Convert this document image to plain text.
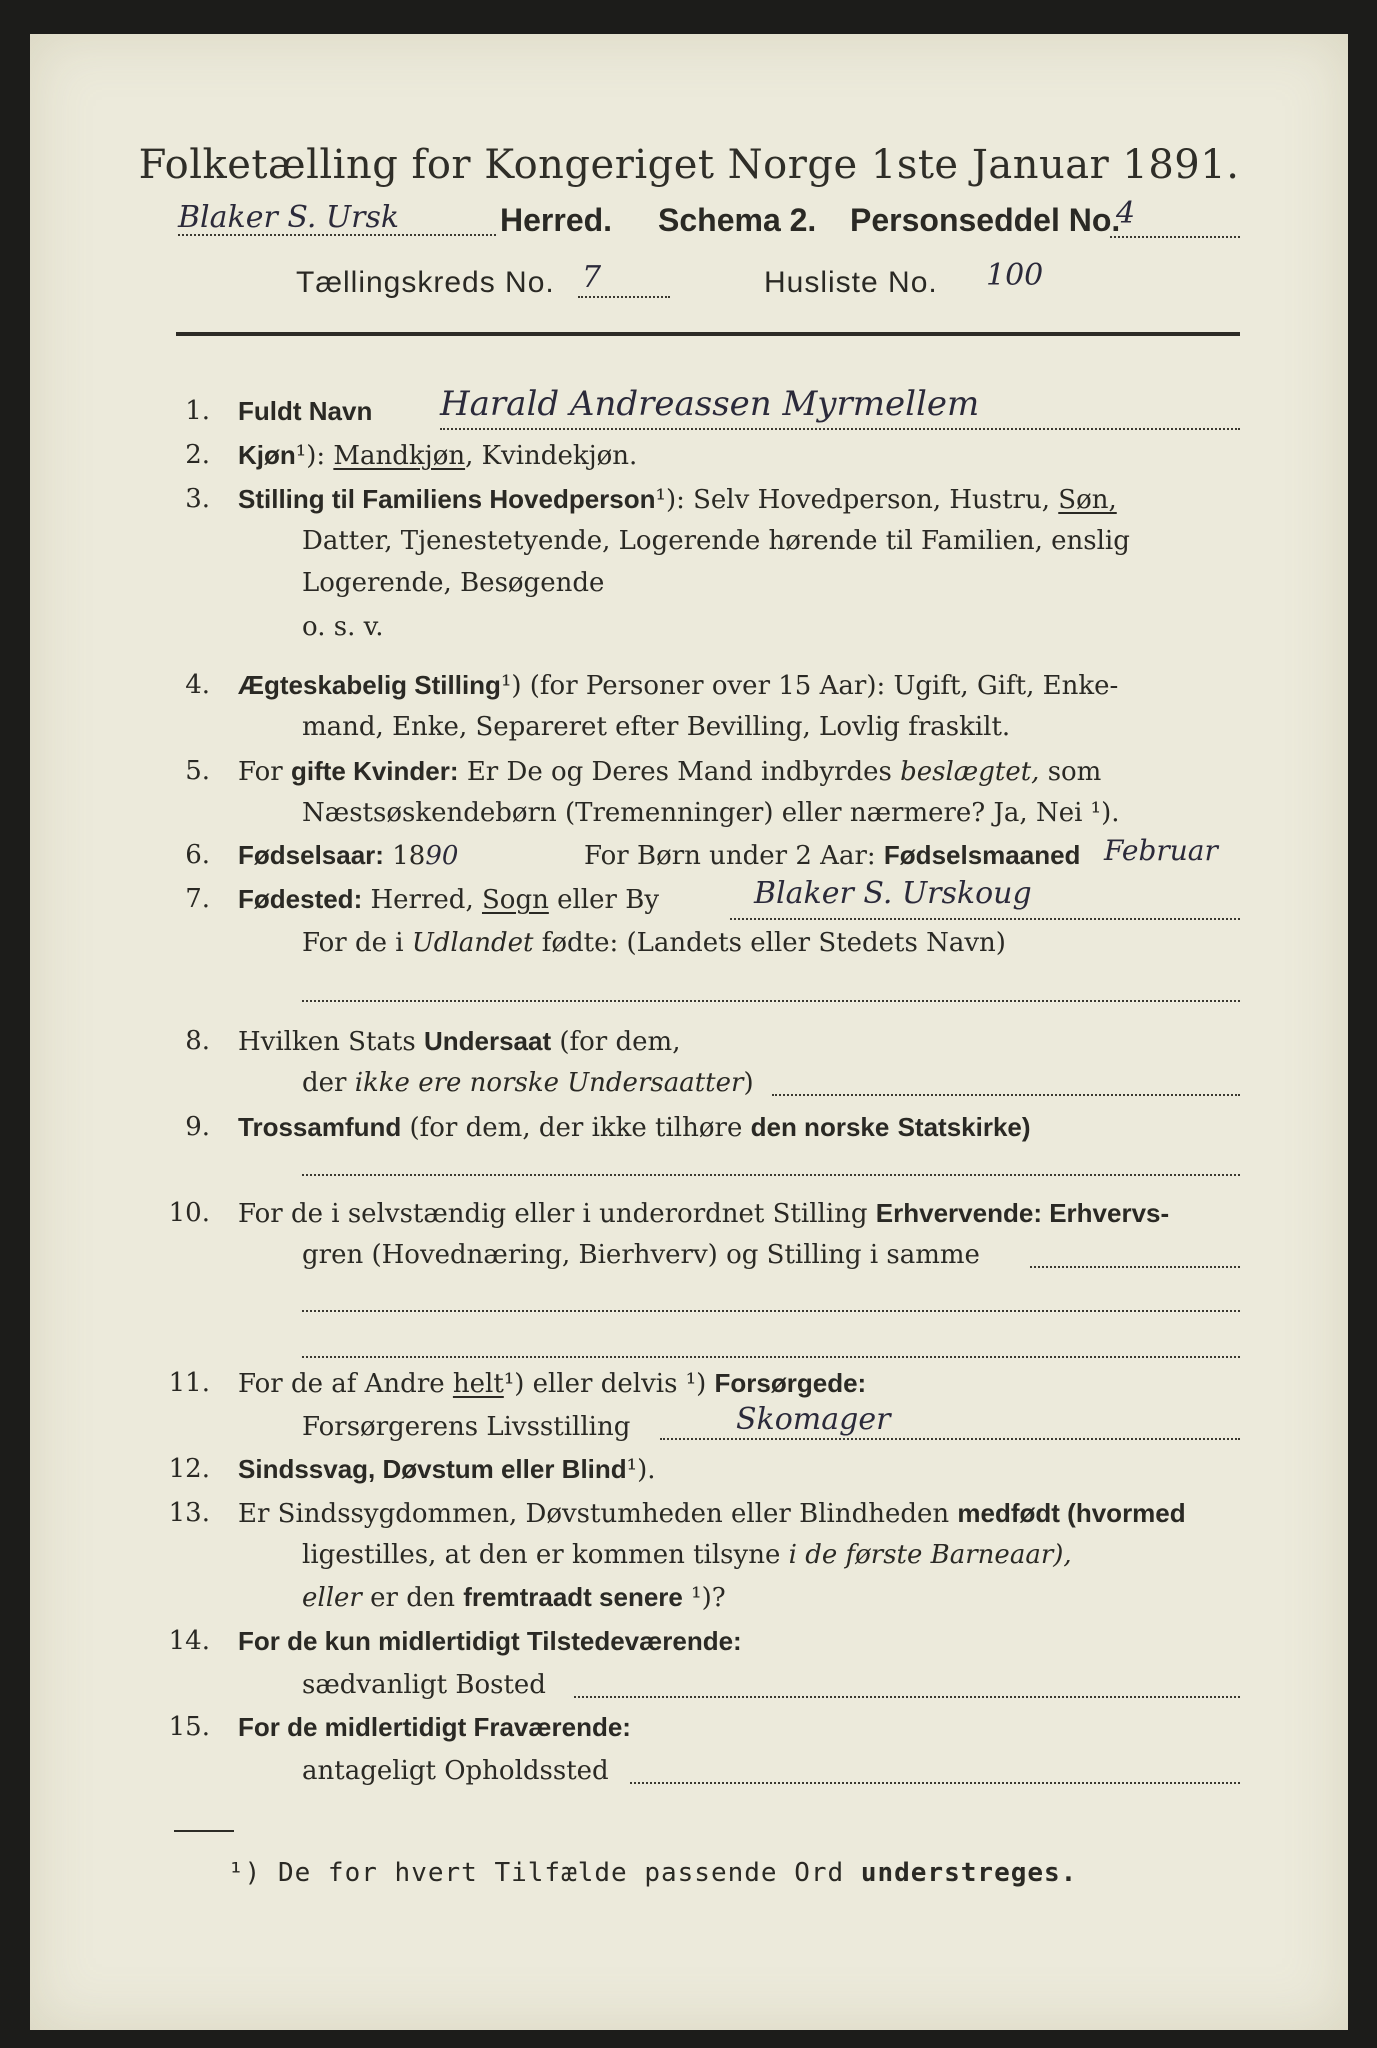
Folketælling for Kongeriget Norge 1ste Januar 1891.
Blaker S. Ursk	Herred. Schema 2. Personseddel No.
4
Tællingskreds No. 7	Husliste No. 100
1. Fuldt Navn Harald Andreassen Myrmellem
2. Kjøn¹): Mandkjøn, Kvindekjøn.
3. Stilling til Familiens Hovedperson¹): Selv Hovedperson, Hustru, Søn,
Datter, Tjenestetyende, Logerende hørende til Familien, enslig
Logerende, Besøgende
o. s. v.
4. Ægteskabelig Stilling¹) (for Personer over 15 Aar): Ugift, Gift, Enke-
mand, Enke, Separeret efter Bevilling, Lovlig fraskilt.
5. For gifte Kvinder: Er De og Deres Mand indbyrdes beslægtet, som
Næstsøskendebørn (Tremenninger) eller nærmere? Ja, Nei ¹).
6. Fødselsaar: 1890	For Børn under 2 Aar: Fødselsmaaned Februar
7. Fødested: Herred, Sogn eller By	Blaker S. Urskoug
For de i Udlandet fødte: (Landets eller Stedets Navn)
8. Hvilken Stats Undersaat (for dem,
der ikke ere norske Undersaatter)
9. Trossamfund (for dem, der ikke tilhøre den norske Statskirke)
10. For de i selvstændig eller i underordnet Stilling Erhvervende: Erhvervs-
gren (Hovednæring, Bierhverv) og Stilling i samme
11. For de af Andre helt¹) eller delvis ¹) Forsørgede:
Forsørgerens Livsstilling	Skomager
12. Sindssvag, Døvstum eller Blind¹).
13. Er Sindssygdommen, Døvstumheden eller Blindheden medfødt (hvormed
ligestilles, at den er kommen tilsyne i de første Barneaar),
eller er den fremtraadt senere ¹)?
14. For de kun midlertidigt Tilstedeværende:
sædvanligt Bosted
15. For de midlertidigt Fraværende:
antageligt Opholdssted
¹) De for hvert Tilfælde passende Ord understreges.
